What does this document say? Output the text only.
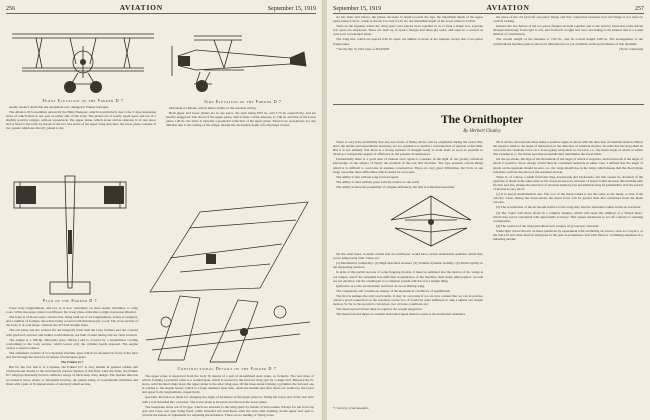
256	AVIATION	September 15, 1919
Front Elevation of the Fokker D 7	Side Elevation of the Fokker D 7

enemy leader's death that the equipment was changed to Fokker triplanes.

The Albatros D.5 resembles outwardly the Baby Nieuport, which is particularly due to the V-type interplane struts of which there is one pair on either side of the body. The planes are of nearly equal span, and are of a slightly positive stagger, without sweepback. The upper plane, which alone carries ailerons, is of one piece and is fixed to the body by means of the two Vee struts of the upper wing structure; the lower plane consists of two panels which are directly joined to the

Oberursel-Le Rhone, and in minor details of the wireless wiring.

Both upper and lower planes are in one piece, the span being 8.93 m., and 7.73 m. respectively, and are heavily staggered. The chord of the upper plane, which alone carries ailerons, is 1.60 m. and that of the lower plane 1.20 m.; the latter is virtually a geometric reduction of the upper plane. There is no sweepback, nor any dihedral due to the cutting of the wings, though the decreasing depth of both planes toward

Plan of the Fokker D 7
Constructional Details of the Fokker D 7

lower body longitudinals, and not, as is now customary on most enemy machines, to wing roots. While the upper plane is rectilinear, the lower plane embodies a slight transverse dihedral.

The body is of monocoque construction, being built up of six longitudinals, acting as stringers, and a number of formers, the whole being covered with thin three-ply wood. The cross section of the body is of oval shape, whereas the D.3 had straight sides.

The tail plane and the vertical fin are integrally built with the body formers and are covered with plywood; elevator and rudder, both balanced, are built of steel tubing and are cloth covered.

The engine is a 180-hp. Mercedes (new 160-hp.) and is covered by a streamlined cowling conforming to the body section, which leaves only the cylinder heads exposed. The engine carries a central radiator.

The armament consists of two Spandau machine guns which are mounted in front of the pilot and fire through the airscrew by means of interrupter gears.

The Fokker D.7

But for the fact that it is a biplane, the Fokker D.7 is very similar in general outline and constructional details to the well-known parasol triplane of this firm. Like the latter, the Fokker D.7 employs internally braced cantilever wings of thick deep wing design. The biplane thus has no external wires, struts, or interplane bracing, the planes being of considerable thickness and fitted with a pair of N-shaped struts of relatively small section.

The upper plane is supported from the body by means of a pair of streamlined steel struts, as formerly. The rear three of which, forming a pyramid, unite to a welded plate, which is secured to the forward wing spar by a single bolt. Between the N-struts, solid inclined struts brace the upper plane to the after wing spar. Of the three struts forming a pyramid, the forward one is welded to the engine bearer, which is a large diameter steel tube, while the middle and after struts are welded to the lower and upper body longitudinals, respectively.

specially. Provision is made for changing the angle of incidence of the upper plane by fitting the lower end of the rear strut with a bolt threaded into a bracket. The lower plane is however provided on the lower plane.

The interplane struts are of N type, which are attached to the wing spars by means of ball sockets. Except for the front top spar and lower rear spar being fixed, while threaded left stanchions enter the strut ends abutting on the upper rear spar to provide the means of adjustment for adjusting the incidence. There are no landing or flying wires.

September 15, 1919	AVIATION	257

As has been said before, the planes decrease in depth towards the tips, the maximum depth of the upper plane being 0.34 m., while at the tip it is only 0.125 m.; the maximum depth of the lower plane is 0.28 m.

Table on the triplane, where the wing spars were placed close together so as to form a single box, separate box spars are employed. These are built up of spruce flanges and three-ply webs, and taper in a vertical as well as in a horizontal plane.

The wing ribs, which are spaced 0.30 m. apart, are similar to those of the triplane, except that a two-piece flange takes

* See the July 15, 1919, issue of AVIATION.

the place of the old grooved one-piece flange and that connection between web and flange is not done by vertical tacking.

Instead, the two halves of the two-piece flanges are held together and to the web by transverse tacks driven through alternately from right to left, and from left to right and over. According to the makers this is a sound method of construction.

The overall length of the machine is 7.02 m., and its overall height 2.80 m. The arrangement of the synchronized machine guns is shown in illustration is as yet available on the performance of this machine.

(To be continued)

The Ornithopter
By Herbert Chatley

There is very little probability that any new form of flying device will be originated during the Great War, since the talents and experiments necessary are too expensive to permit a concentration of opinion at this time. But it is not unlikely that there is a strong element of thought ready to avail itself as soon as possible to develop a comparable degree of efficiency in the present circumstances.

Undoubtedly there is a good deal of interest once again to consider, in the light of our greatly advanced knowledge on the subject of flight, the problem of the real bird machine. The type presents certain things which it is difficult to overcome in airplane construction. There are very great difficulties, but birds at one stage overcame these difficulties which cannot be overcome.

The ability to rise without long forward speed.

The ability to land without great velocity relative to the earth.

The ability to have the possibility of a higher efficiency, but this is somewhat uncertain.

On the other hand, it seems certain that an ornithopter would have certain undesirable qualities which may prove temporarily fatal. There are:

(1) Mechanical complexity. (2) High structural stresses. (3) Variable dynamic stability. (4) Small rigidity in the supporting surfaces.

In spite of the partial success of some flapping models, it must be admitted that the motion of the wings is not simple, and if the naturalist has sufficient acquaintance of the machine, then many philosophers' records are not decisive; but the ornithopter is a complete system which is not a simple thing.

Ignorance as to the aerodynamic reactions on an oscillating wing.

The complexity and continuous change of the mechanical conditions of equilibrium.

The first is perhaps the only real trouble. It may be overcome if we are now content that we can in practice obtain a good connection on the reactions on the two. It would be quite sufficient to take a similar but simple motion. So far as the second is concerned, two obvious conditions are:

The mean upward thrust must be equal to the weight supported.

The mean forward thrust at constant horizontal speed must be equal to the horizontal resistance.

lift at all the curved plane must make a positive angle of attack with the direction of resultant motion. Hence the superior limit to the angle of depression in the direction of resultant motion. In order that the drag shall be overcome the resultant force on a down-going wing must be forward, i.e., the mean angle of attack at which this vanishes (i.e., the thrust becomes perpendicular) determines the lower limit.

On the up-stroke, the sign of the movement of the angle of attack is negative, and backwards if the angle of attack is positive. Since energy would then be consumed uselessly in either case, I defined that the angle of attack on the upstroke should be zero, i.e., the wing should rise in the wind, which means that the chord plane coincides with the direction of the resultant motion.

There is, of course, a small frictional drag downwards and backwards, but this cannot be obviated. If the upstroke is made in the same time as the down-stroke (any increase of speed would increase this harmful skin friction and also change the direction of absolute motion), but nevertheless may be permissible, that the period of motion is very short.

(1) It is purely mathematical one. The root of the mean values is not the same as the mean, so that if the velocity varies during the down-stroke the mean force will be greater than that calculated from the mean velocity.

(2) The acceleration of the air stream relative to the wing may involve abnormal values in the air reactions.

(3) The 'wake' will move about in a complex manner, which will cause the addition of a 'virtual mass,' which may not be calculated with appreciable accuracy. This causes tendencies to set off a means of assisting continuation.

(4) The rotation of the wing introduces new torques of gyroscopic character.

Some light can be thrown on these questions by experiment with oscillating air screws, such as Cooper's, or the fish-tail and other devices employed in the past as propulsion, and with fixed or oscillating airplanes in a pulsating stream.

* Courtesy of Aeronautics.
